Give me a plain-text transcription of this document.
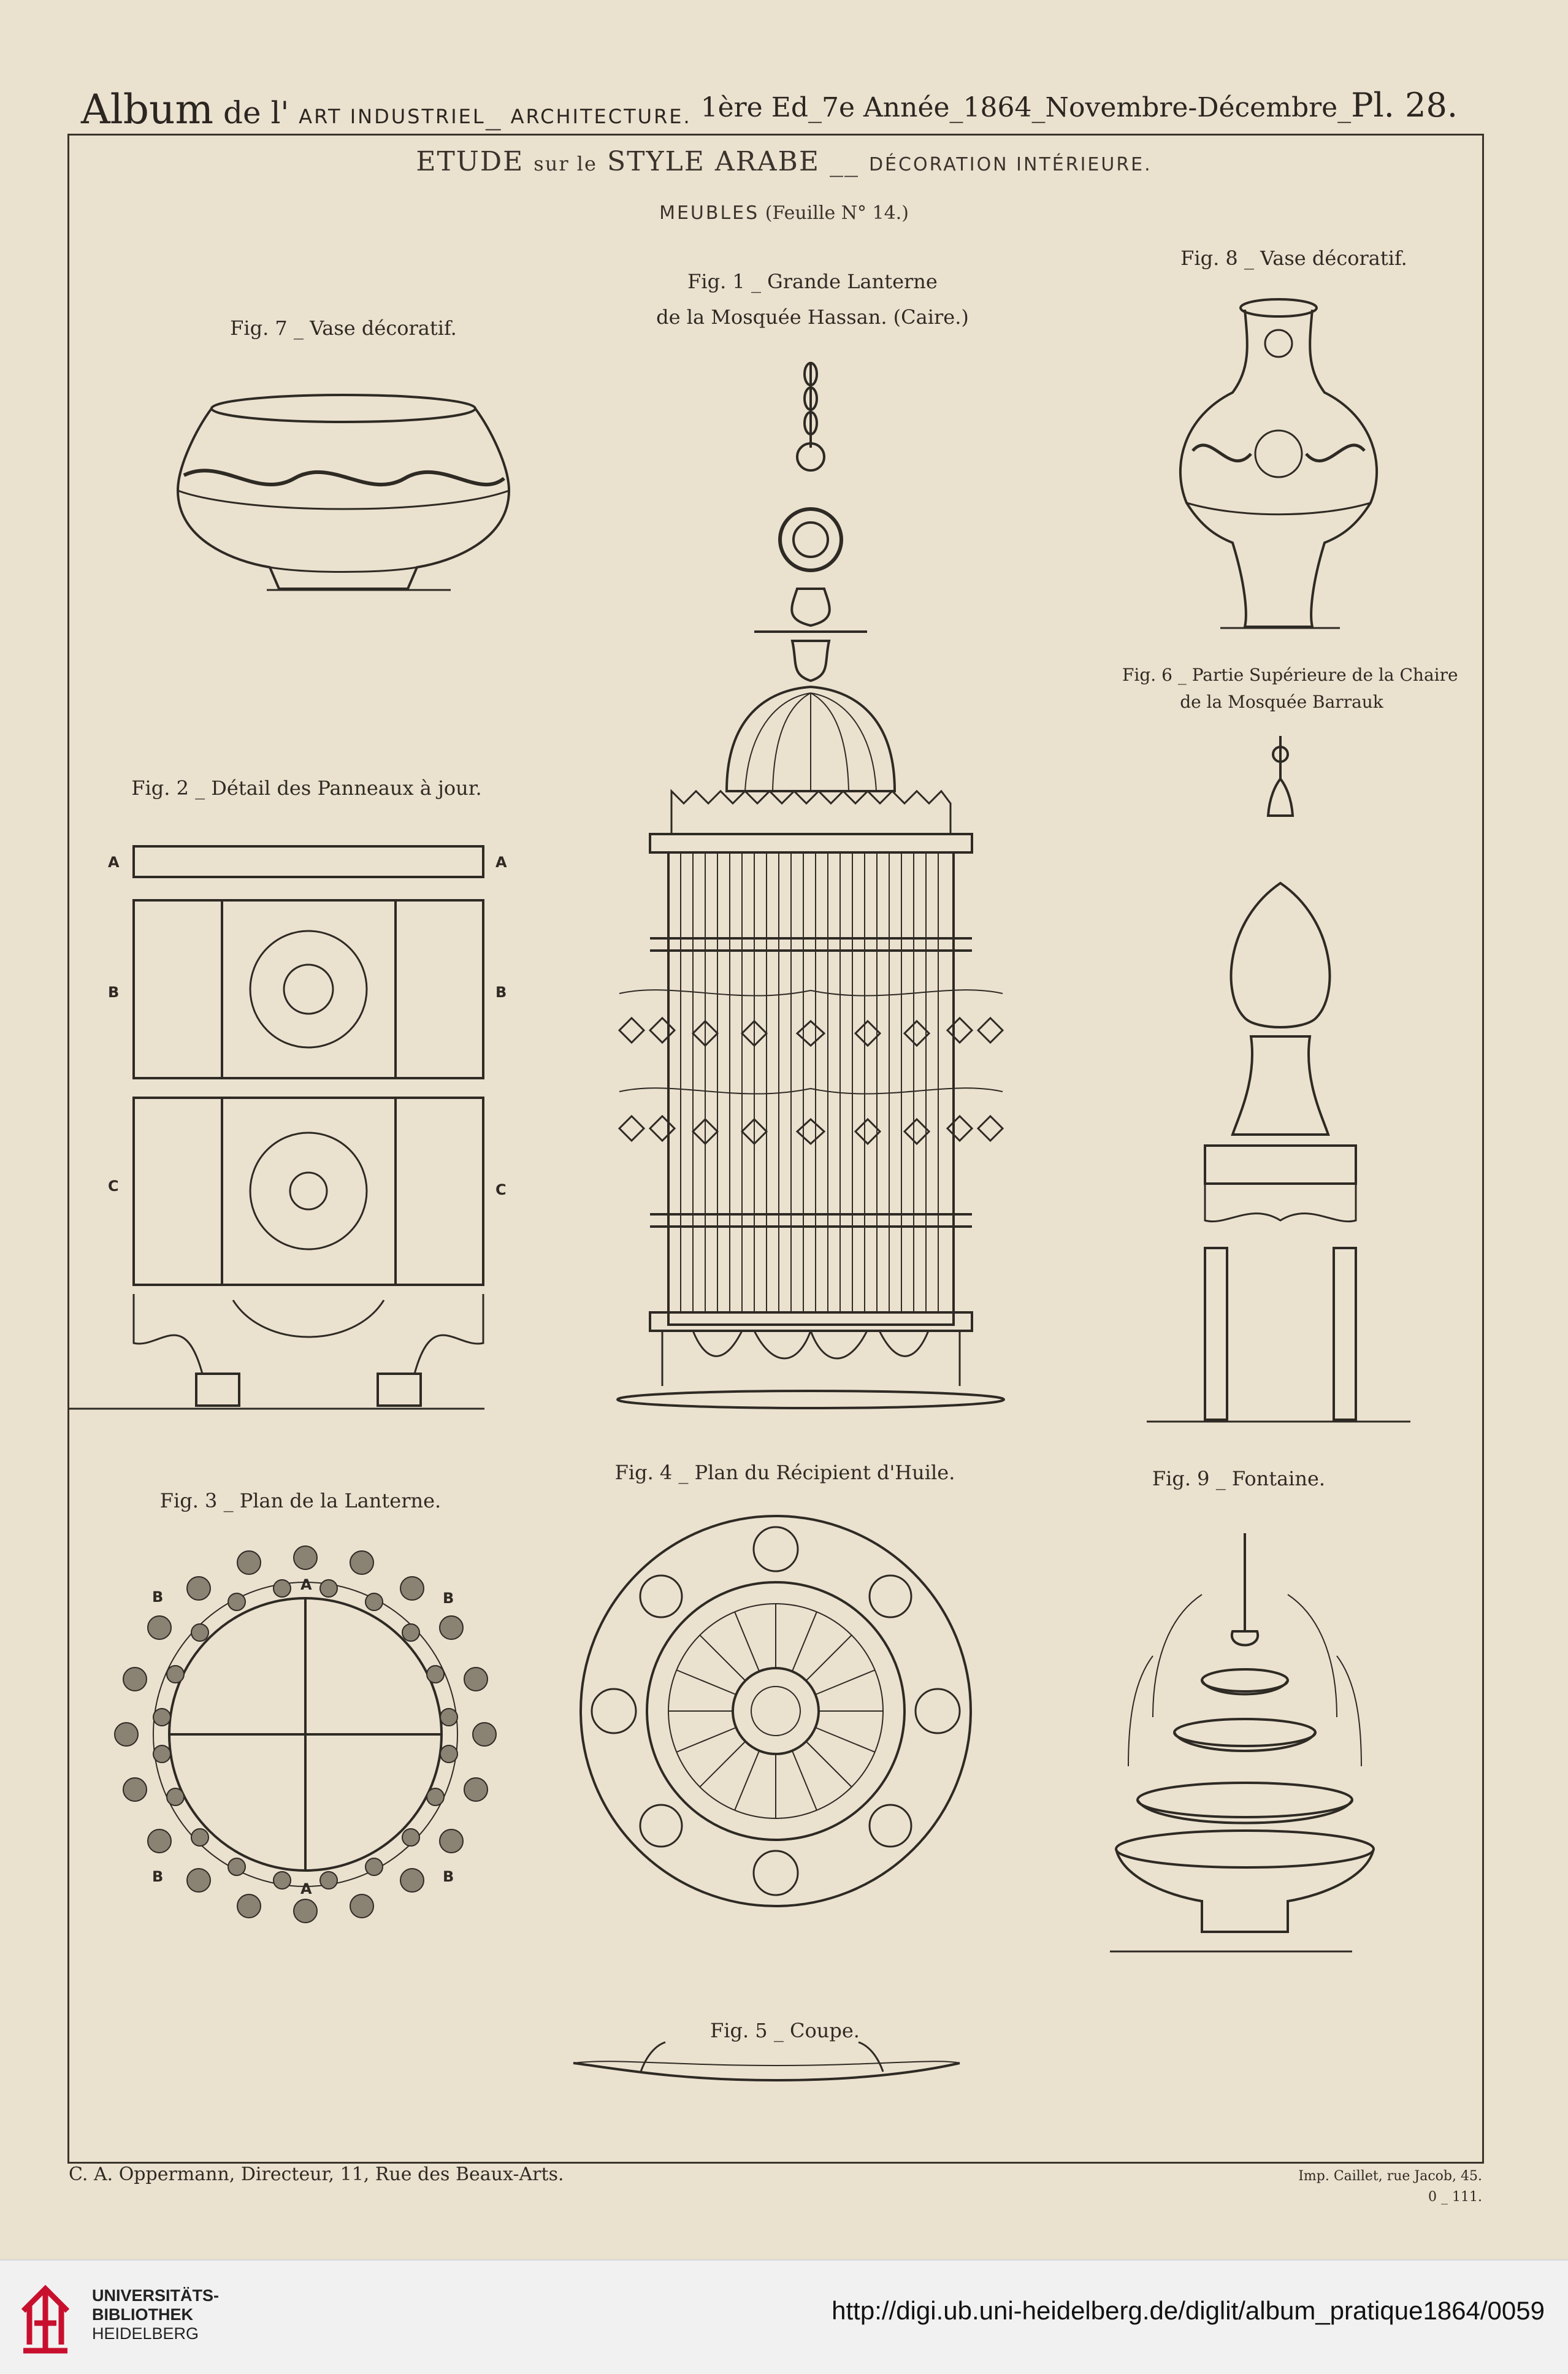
Album de l' ART INDUSTRIEL_ ARCHITECTURE. 1ère Ed_7e Année_1864_Novembre-Décembre_Pl. 28.
ETUDE sur le STYLE ARABE __ DÉCORATION INTÉRIEURE.
MEUBLES (Feuille N° 14.)
Fig. 1 _ Grande Lanterne
de la Mosquée Hassan. (Caire.)
Fig. 8 _ Vase décoratif.
Fig. 7 _ Vase décoratif.
Fig. 6 _ Partie Supérieure de la Chaire
de la Mosquée Barrauk
Fig. 2 _ Détail des Panneaux à jour.
Fig. 4 _ Plan du Récipient d'Huile.	Fig. 9 _ Fontaine.
Fig. 3 _ Plan de la Lanterne.
Fig. 5 _ Coupe.
A	A
B	B
C	C
B
A
B
B
A
B
C. A. Oppermann, Directeur, 11, Rue des Beaux-Arts.	Imp. Caillet, rue Jacob, 45.
0 _ 111.
UNIVERSITÄTS-
BIBLIOTHEK
HEIDELBERG
http://digi.ub.uni-heidelberg.de/diglit/album_pratique1864/0059
